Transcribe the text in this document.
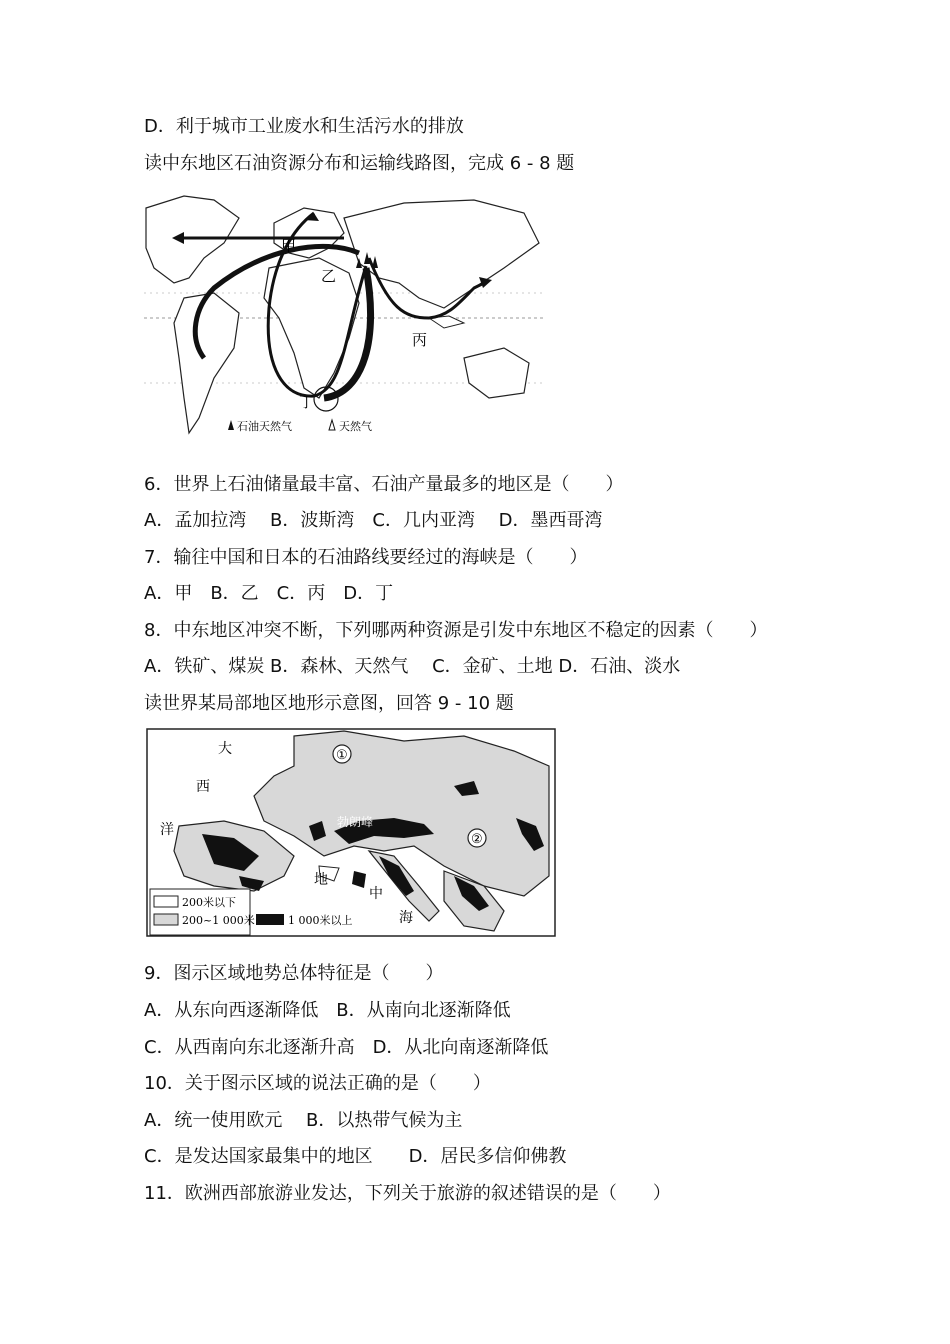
D．利于城市工业废水和生活污水的排放
读中东地区石油资源分布和运输线路图，完成 6 ‑ 8 题
甲
乙
丙
丁
石油天然气	天然气
6．世界上石油储量最丰富、石油产量最多的地区是（　　）
A．孟加拉湾　 B．波斯湾　C．几内亚湾　 D．墨西哥湾
7．输往中国和日本的石油路线要经过的海峡是（　　）
A．甲　B．乙　C．丙　D．丁
8．中东地区冲突不断，下列哪两种资源是引发中东地区不稳定的因素（　　）
A．铁矿、煤炭 B．森林、天然气　 C．金矿、土地 D．石油、淡水
读世界某局部地区地形示意图，回答 9 ‑ 10 题
①
②
大
西
洋
地
中
海
勃朗峰
200米以下
200~1 000米	1 000米以上
9．图示区域地势总体特征是（　　）
A．从东向西逐渐降低　B．从南向北逐渐降低
C．从西南向东北逐渐升高　D．从北向南逐渐降低
10．关于图示区域的说法正确的是（　　）
A．统一使用欧元　 B．以热带气候为主
C．是发达国家最集中的地区　　D．居民多信仰佛教
11．欧洲西部旅游业发达，下列关于旅游的叙述错误的是（　　）
